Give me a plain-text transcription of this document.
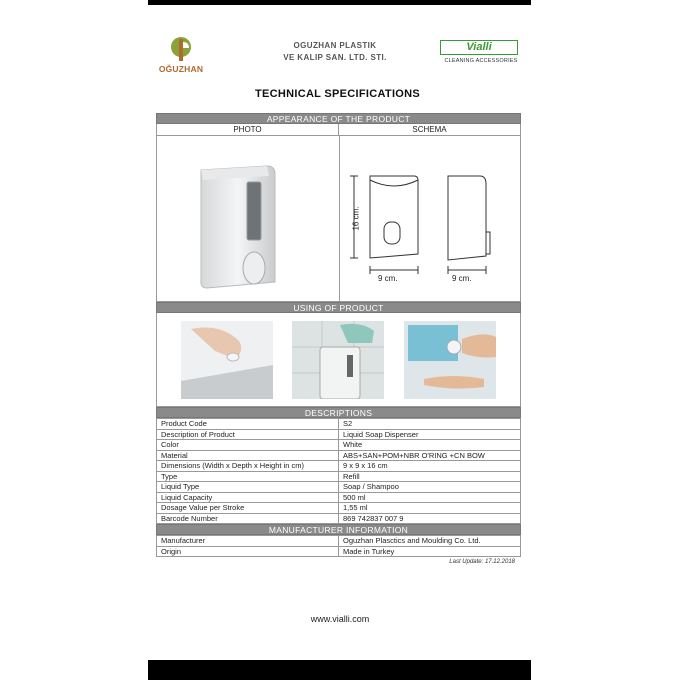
OĞUZHAN
OGUZHAN PLASTIK
VE KALIP SAN. LTD. STI.
Vialli
CLEANING ACCESSORIES
TECHNICAL SPECIFICATIONS
APPEARANCE OF THE PRODUCT
PHOTO	SCHEMA
16 cm.
9 cm.	9 cm.
USING OF PRODUCT
DESCRIPTIONS
Product Code	S2
Description of Product	Liquid Soap Dispenser
Color	White
Material	ABS+SAN+POM+NBR O'RING +CN BOW
Dimensions (Width x Depth x Height in cm)	9 x 9 x 16 cm
Type	Refill
Liquid Type	Soap / Shampoo
Liquid Capacity	500 ml
Dosage Value per Stroke	1,55 ml
Barcode Number	869 742837 007 9
MANUFACTURER INFORMATION
Manufacturer	Oguzhan Plasctics and Moulding Co. Ltd.
Origin	Made in Turkey
Last Update: 17.12.2018
www.vialli.com
